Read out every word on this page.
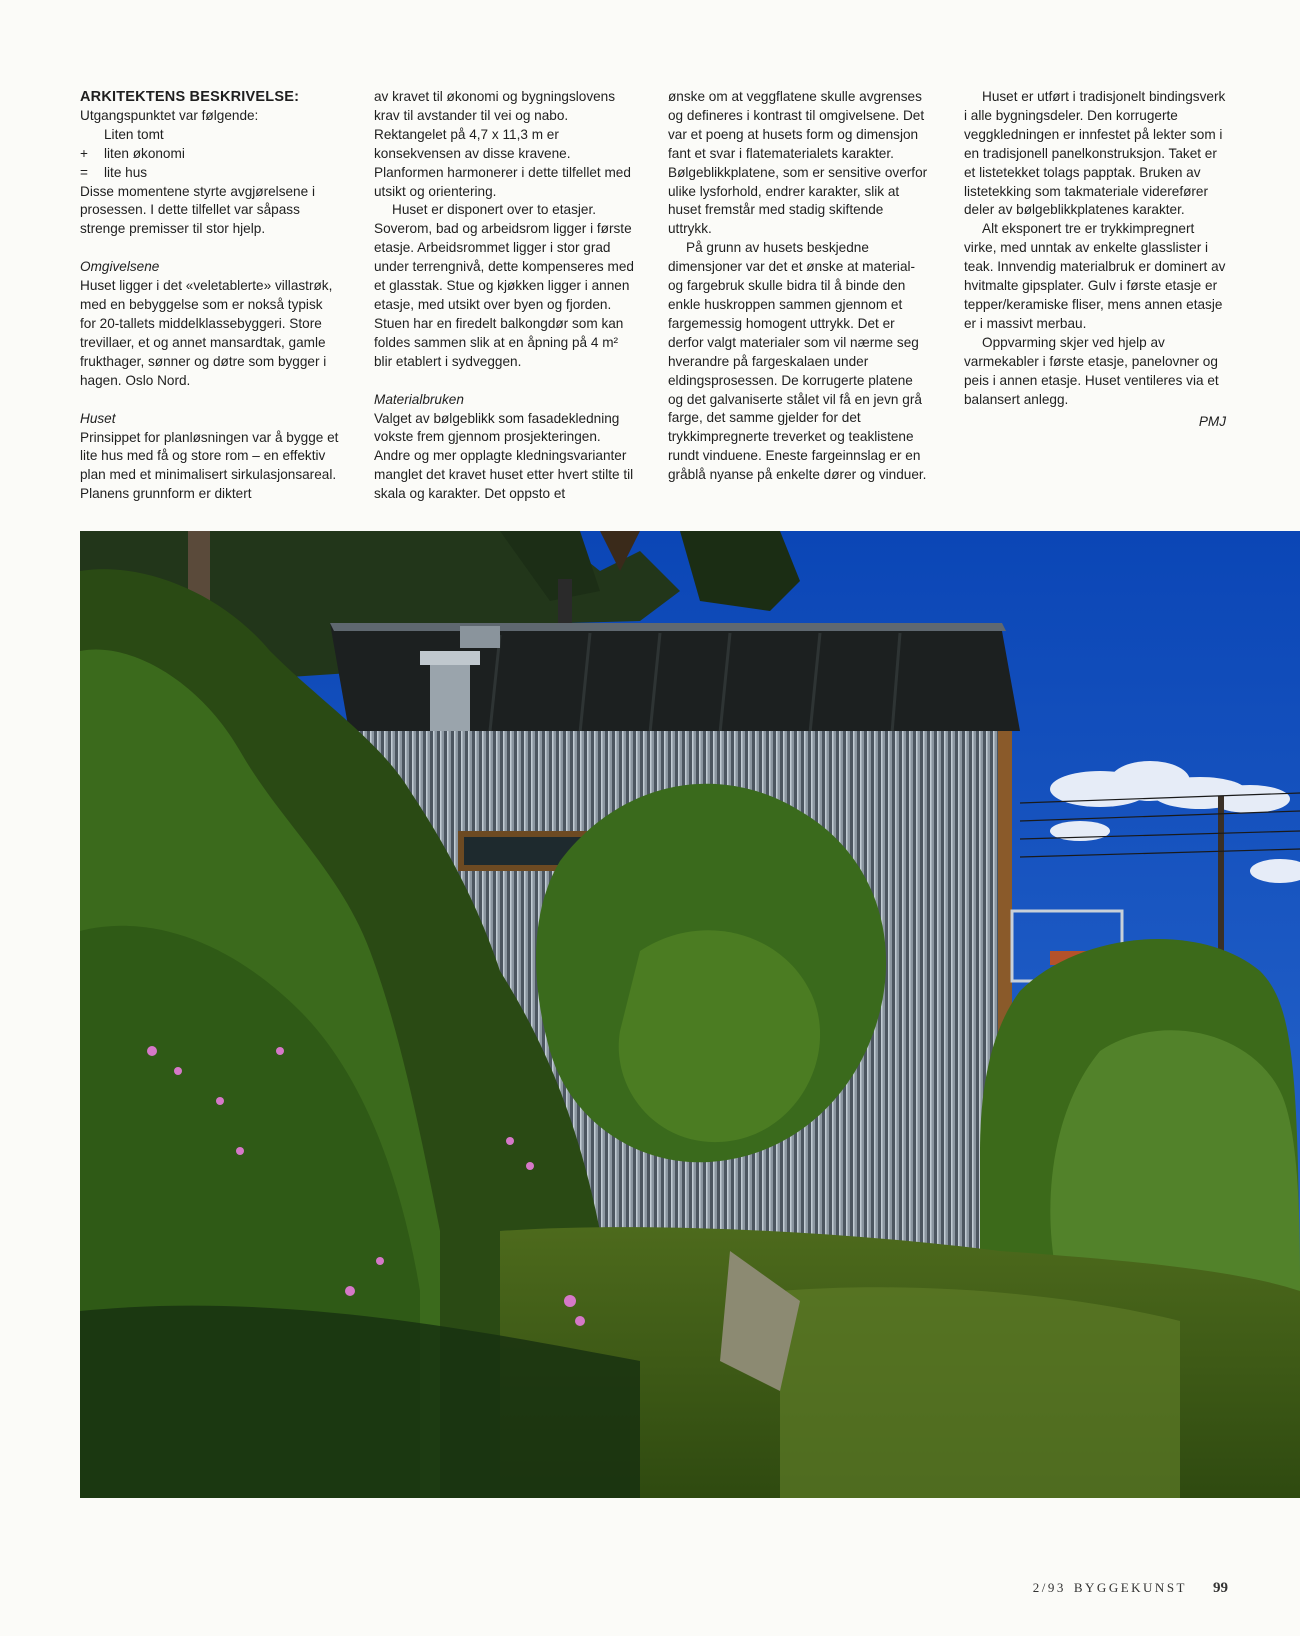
ARKITEKTENS BESKRIVELSE:

Utgangspunktet var følgende:

Liten tomt
+	liten økonomi
=	lite hus

Disse momentene styrte avgjørelsene i prosessen. I dette tilfellet var såpass strenge premisser til stor hjelp.

Omgivelsene

Huset ligger i det «veletablerte» villastrøk, med en bebyggelse som er nokså typisk for 20-tallets middelklassebyggeri. Store trevillaer, et og annet mansardtak, gamle frukthager, sønner og døtre som bygger i hagen. Oslo Nord.

Huset

Prinsippet for planløsningen var å bygge et lite hus med få og store rom – en effektiv plan med et minimalisert sirkulasjonsareal. Planens grunnform er diktert

av kravet til økonomi og bygningslovens krav til avstander til vei og nabo. Rektangelet på 4,7 x 11,3 m er konsekvensen av disse kravene. Planformen harmonerer i dette tilfellet med utsikt og orientering.

Huset er disponert over to etasjer. Soverom, bad og arbeidsrom ligger i første etasje. Arbeidsrommet ligger i stor grad under terrengnivå, dette kompenseres med et glasstak. Stue og kjøkken ligger i annen etasje, med utsikt over byen og fjorden. Stuen har en firedelt balkongdør som kan foldes sammen slik at en åpning på 4 m² blir etablert i sydveggen.

Materialbruken

Valget av bølgeblikk som fasadekledning vokste frem gjennom prosjekteringen. Andre og mer opplagte kledningsvarianter manglet det kravet huset etter hvert stilte til skala og karakter. Det oppsto et

ønske om at veggflatene skulle avgrenses og defineres i kontrast til omgivelsene. Det var et poeng at husets form og dimensjon fant et svar i flatematerialets karakter. Bølgeblikkplatene, som er sensitive overfor ulike lysforhold, endrer karakter, slik at huset fremstår med stadig skiftende uttrykk.

På grunn av husets beskjedne dimensjoner var det et ønske at material- og fargebruk skulle bidra til å binde den enkle huskroppen sammen gjennom et fargemessig homogent uttrykk. Det er derfor valgt materialer som vil nærme seg hverandre på fargeskalaen under eldingsprosessen. De korrugerte platene og det galvaniserte stålet vil få en jevn grå farge, det samme gjelder for det trykkimpregnerte treverket og teaklistene rundt vinduene. Eneste fargeinnslag er en gråblå nyanse på enkelte dører og vinduer.

Huset er utført i tradisjonelt bindingsverk i alle bygningsdeler. Den korrugerte veggkledningen er innfestet på lekter som i en tradisjonell panelkonstruksjon. Taket er et listetekket tolags papptak. Bruken av listetekking som takmateriale viderefører deler av bølgeblikkplatenes karakter.

Alt eksponert tre er trykkimpregnert virke, med unntak av enkelte glasslister i teak. Innvendig materialbruk er dominert av hvitmalte gipsplater. Gulv i første etasje er tepper/keramiske fliser, mens annen etasje er i massivt merbau.

Oppvarming skjer ved hjelp av varmekabler i første etasje, panelovner og peis i annen etasje. Huset ventileres via et balansert anlegg.

PMJ

2/93 BYGGEKUNST 99
